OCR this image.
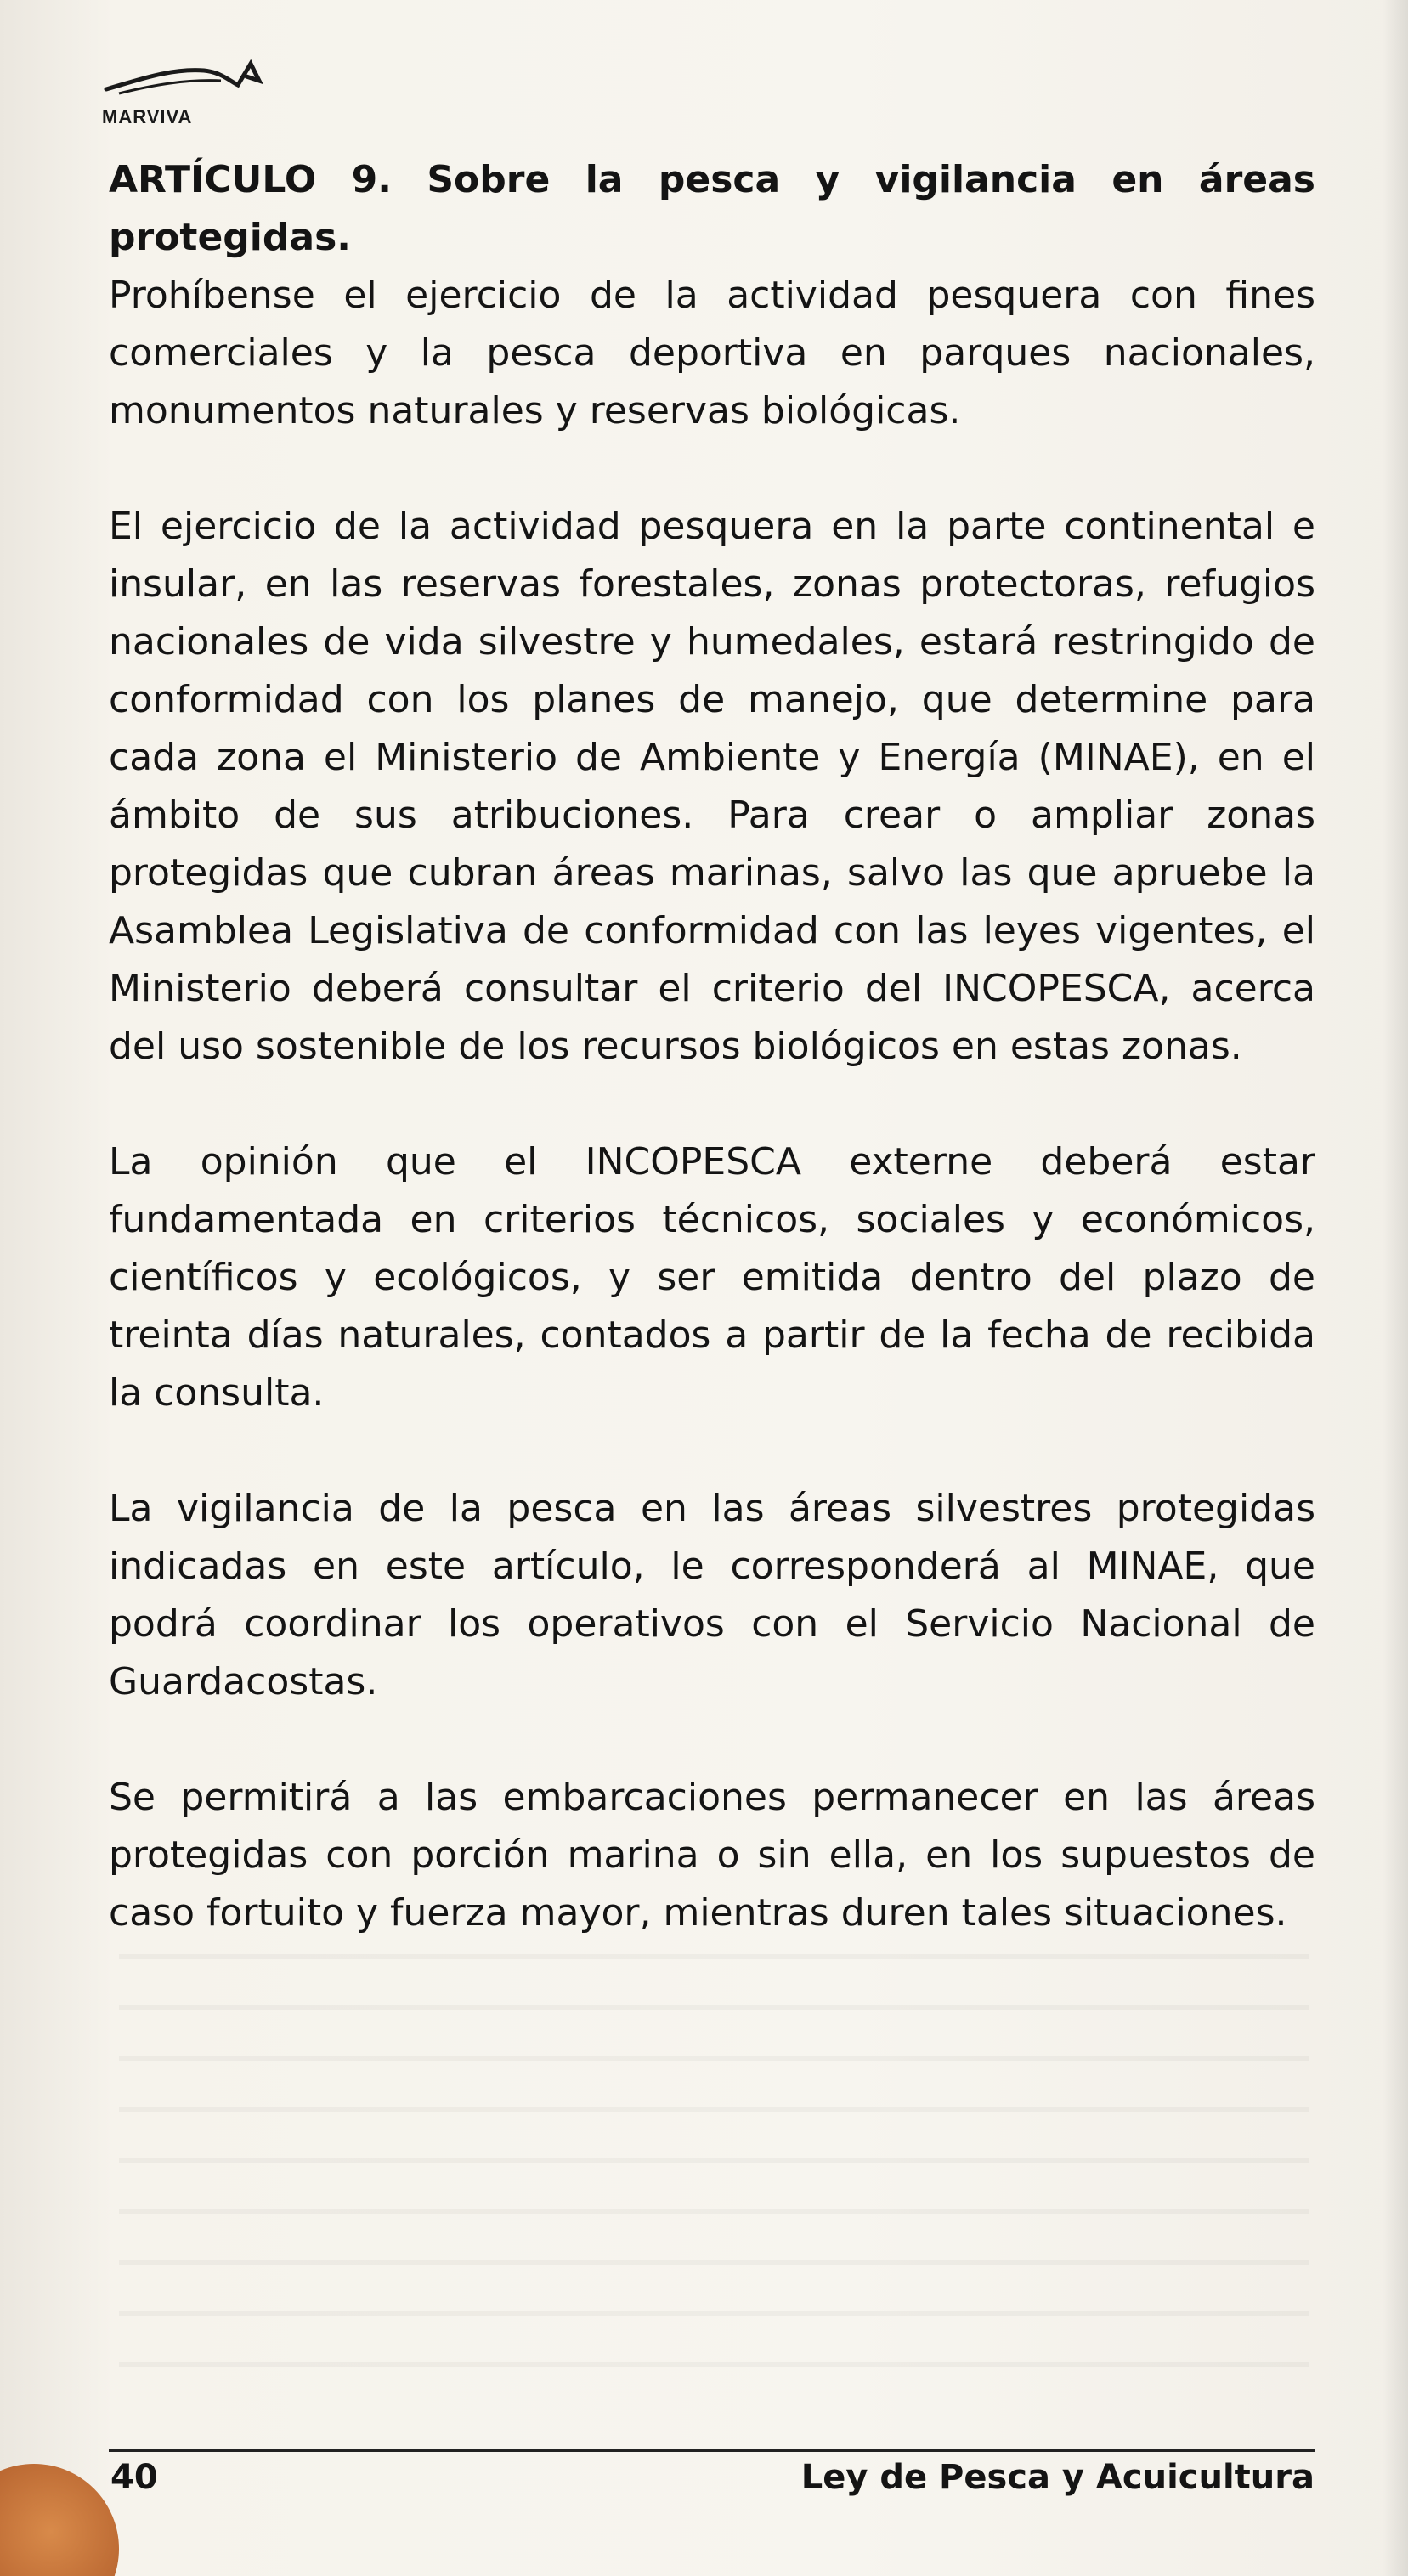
MARVIVA

ARTÍCULO 9. Sobre la pesca y vigilancia en áreas protegidas.

Prohíbense el ejercicio de la actividad pesquera con fines comerciales y la pesca deportiva en parques nacionales, monumentos naturales y reservas biológicas.

El ejercicio de la actividad pesquera en la parte continental e insular, en las reservas forestales, zonas protectoras, refugios nacionales de vida silvestre y humedales, estará restringido de conformidad con los planes de manejo, que determine para cada zona el Ministerio de Ambiente y Energía (MINAE), en el ámbito de sus atribuciones. Para crear o ampliar zonas protegidas que cubran áreas marinas, salvo las que apruebe la Asamblea Legislativa de conformidad con las leyes vigentes, el Ministerio deberá consultar el criterio del INCOPESCA, acerca del uso sostenible de los recursos biológicos en estas zonas.

La opinión que el INCOPESCA externe deberá estar fundamentada en criterios técnicos, sociales y económicos, científicos y ecológicos, y ser emitida dentro del plazo de treinta días naturales, contados a partir de la fecha de recibida la consulta.

La vigilancia de la pesca en las áreas silvestres protegidas indicadas en este artículo, le corresponderá al MINAE, que podrá coordinar los operativos con el Servicio Nacional de Guardacostas.

Se permitirá a las embarcaciones permanecer en las áreas protegidas con porción marina o sin ella, en los supuestos de caso fortuito y fuerza mayor, mientras duren tales situaciones.

40	Ley de Pesca y Acuicultura
